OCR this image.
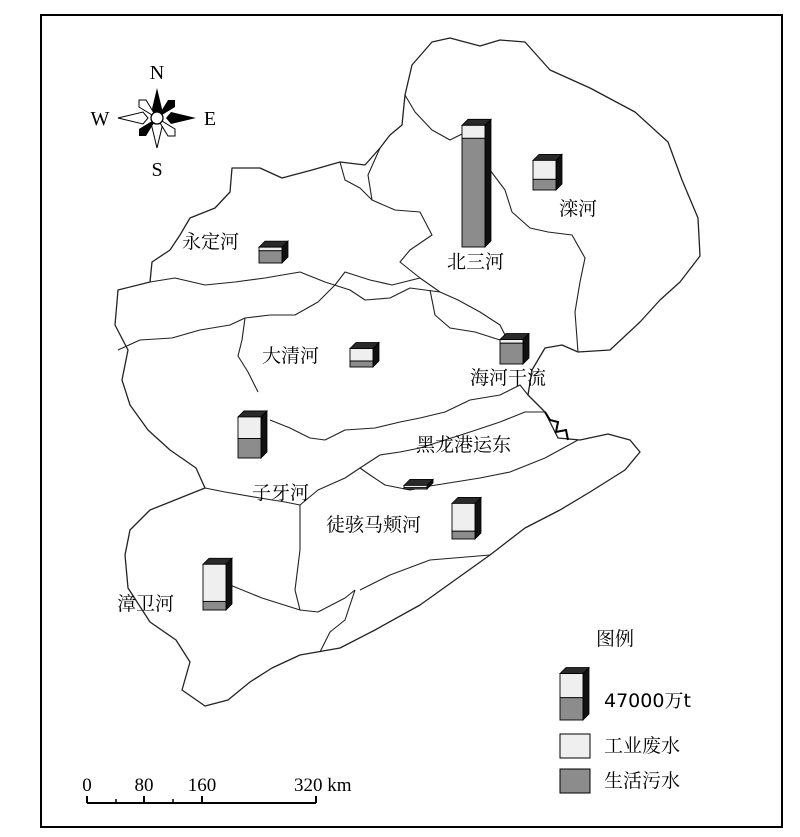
N
S
W	E
滦河
北三河
永定河
大清河
海河干流
子牙河
黑龙港运东
徒骇马颊河
漳卫河
图例
47000万t
工业废水
生活污水
0 80 160	320 km
